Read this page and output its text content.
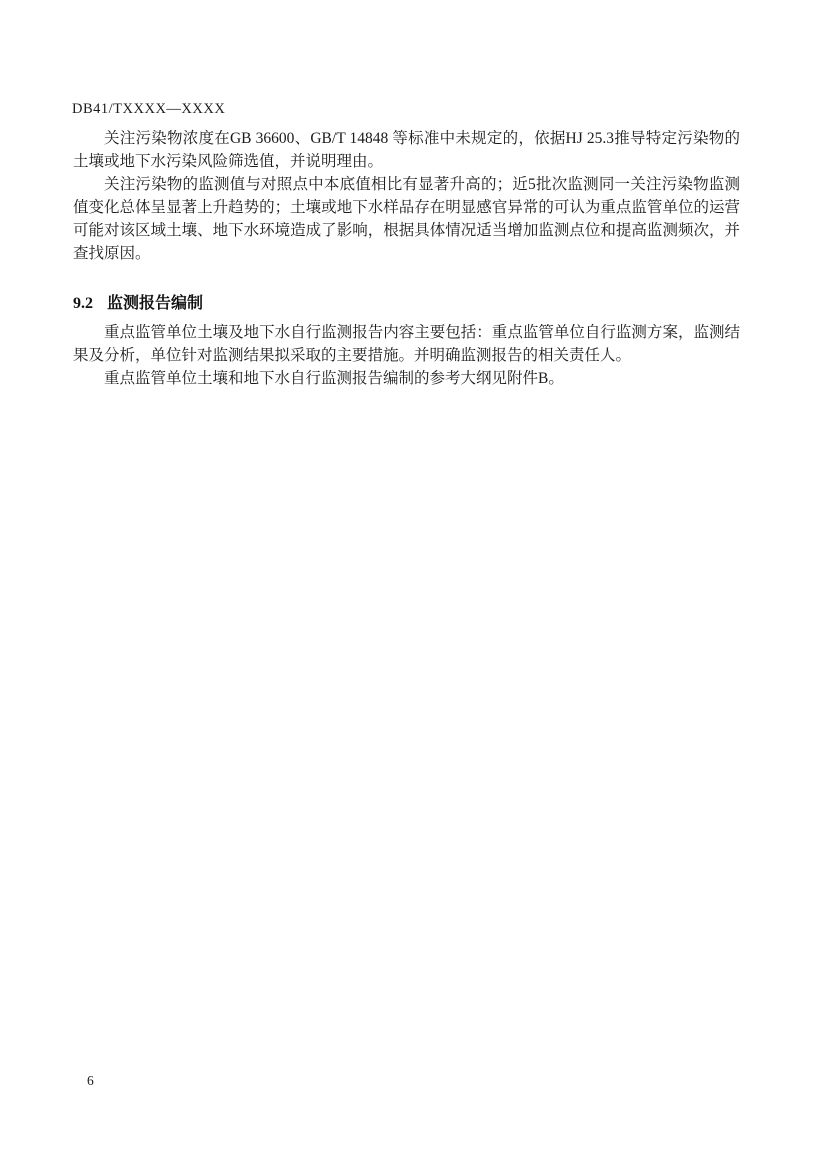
DB41/TXXXX—XXXX

关注污染物浓度在GB 36600、GB/T 14848 等标准中未规定的，依据HJ 25.3推导特定污染物的土壤或地下水污染风险筛选值，并说明理由。

关注污染物的监测值与对照点中本底值相比有显著升高的；近5批次监测同一关注污染物监测值变化总体呈显著上升趋势的；土壤或地下水样品存在明显感官异常的可认为重点监管单位的运营可能对该区域土壤、地下水环境造成了影响，根据具体情况适当增加监测点位和提高监测频次，并查找原因。

9.2 监测报告编制

重点监管单位土壤及地下水自行监测报告内容主要包括：重点监管单位自行监测方案，监测结果及分析，单位针对监测结果拟采取的主要措施。并明确监测报告的相关责任人。

重点监管单位土壤和地下水自行监测报告编制的参考大纲见附件B。

6
